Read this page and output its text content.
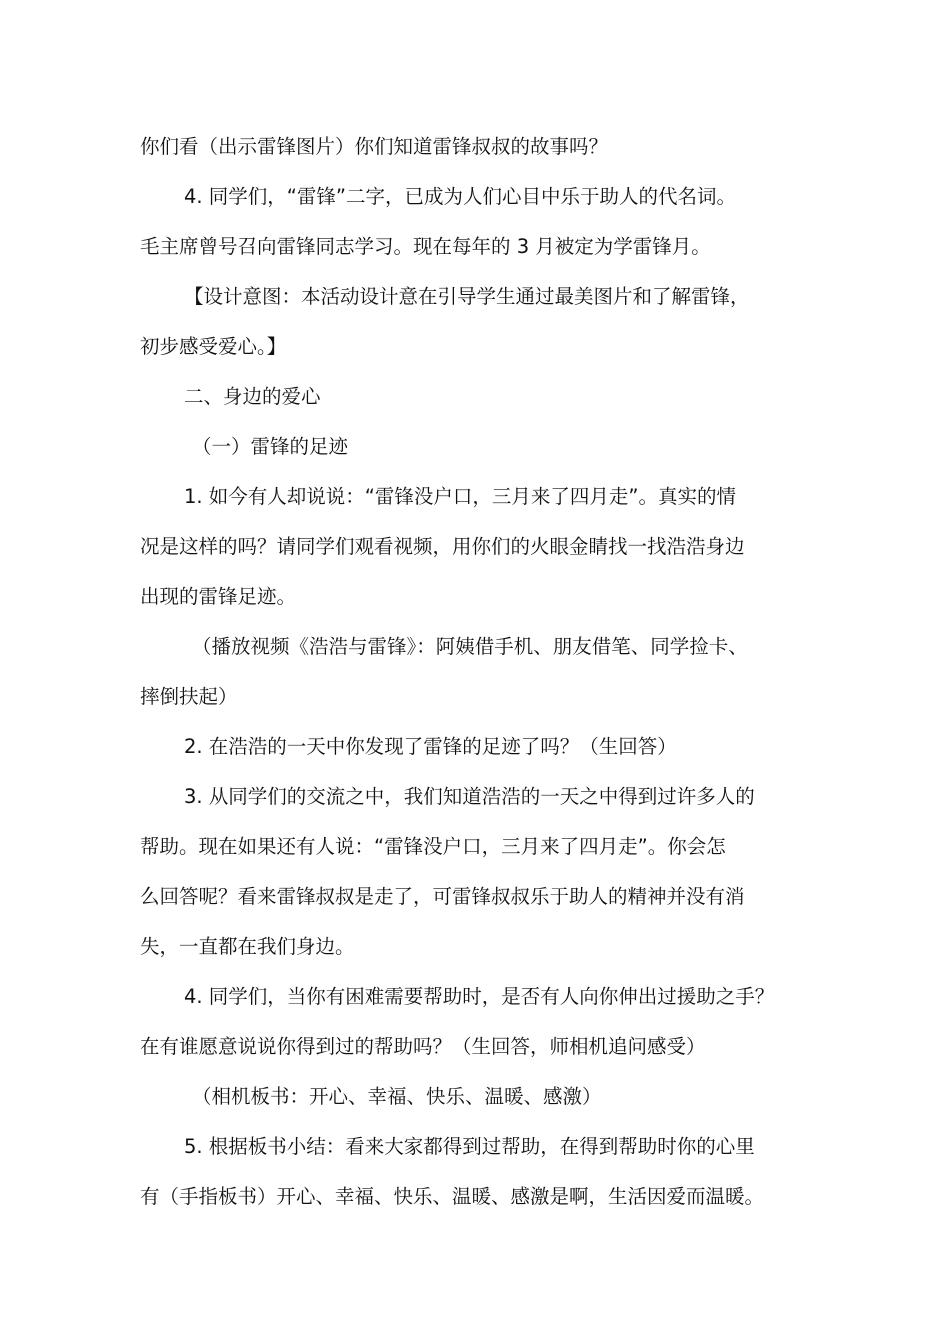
你们看（出示雷锋图片）你们知道雷锋叔叔的故事吗？
4. 同学们，“雷锋”二字，已成为人们心目中乐于助人的代名词。
毛主席曾号召向雷锋同志学习。现在每年的 3 月被定为学雷锋月。
【设计意图：本活动设计意在引导学生通过最美图片和了解雷锋，
初步感受爱心。】
二、身边的爱心
（一）雷锋的足迹
1. 如今有人却说说：“雷锋没户口，三月来了四月走”。真实的情
况是这样的吗？请同学们观看视频，用你们的火眼金睛找一找浩浩身边
出现的雷锋足迹。
（播放视频《浩浩与雷锋》：阿姨借手机、朋友借笔、同学捡卡、
摔倒扶起）
2. 在浩浩的一天中你发现了雷锋的足迹了吗？（生回答）
3. 从同学们的交流之中，我们知道浩浩的一天之中得到过许多人的
帮助。现在如果还有人说：“雷锋没户口，三月来了四月走”。你会怎
么回答呢？看来雷锋叔叔是走了，可雷锋叔叔乐于助人的精神并没有消
失，一直都在我们身边。
4. 同学们，当你有困难需要帮助时，是否有人向你伸出过援助之手？
在有谁愿意说说你得到过的帮助吗？（生回答，师相机追问感受）
（相机板书：开心、幸福、快乐、温暖、感激）
5. 根据板书小结：看来大家都得到过帮助，在得到帮助时你的心里
有（手指板书）开心、幸福、快乐、温暖、感激是啊，生活因爱而温暖。
